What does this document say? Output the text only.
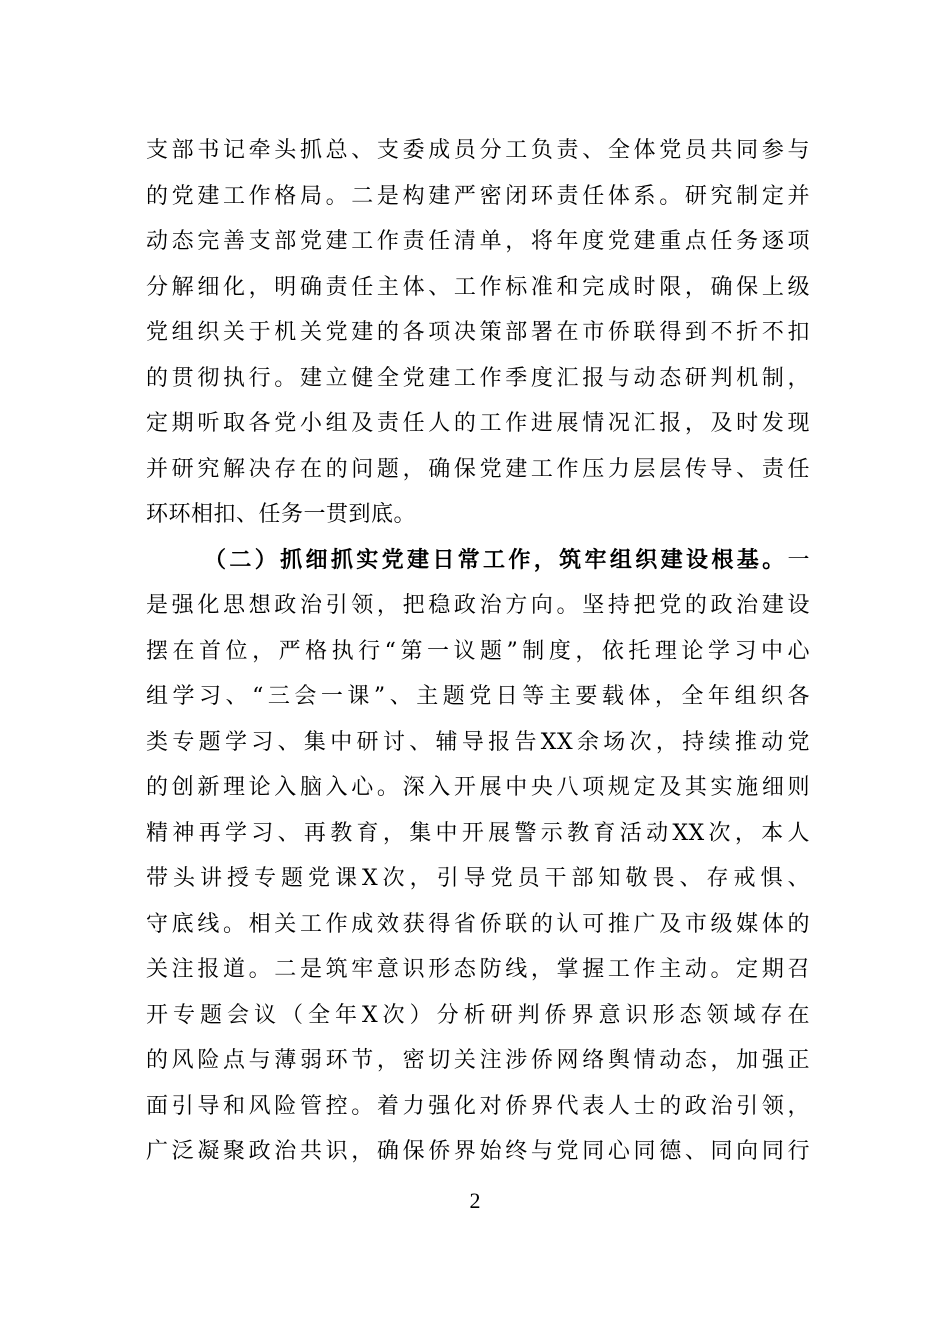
支部书记牵头抓总、支委成员分工负责、全体党员共同参与
的党建工作格局。二是构建严密闭环责任体系。研究制定并
动态完善支部党建工作责任清单，将年度党建重点任务逐项
分解细化，明确责任主体、工作标准和完成时限，确保上级
党组织关于机关党建的各项决策部署在市侨联得到不折不扣
的贯彻执行。建立健全党建工作季度汇报与动态研判机制，
定期听取各党小组及责任人的工作进展情况汇报，及时发现
并研究解决存在的问题，确保党建工作压力层层传导、责任
环环相扣、任务一贯到底。
（二）抓细抓实党建日常工作，筑牢组织建设根基。一
是强化思想政治引领，把稳政治方向。坚持把党的政治建设
摆在首位，严格执行“第一议题”制度，依托理论学习中心
组学习、“三会一课”、主题党日等主要载体，全年组织各
类专题学习、集中研讨、辅导报告XX余场次，持续推动党
的创新理论入脑入心。深入开展中央八项规定及其实施细则
精神再学习、再教育，集中开展警示教育活动XX次，本人
带头讲授专题党课X次，引导党员干部知敬畏、存戒惧、
守底线。相关工作成效获得省侨联的认可推广及市级媒体的
关注报道。二是筑牢意识形态防线，掌握工作主动。定期召
开专题会议（全年X次）分析研判侨界意识形态领域存在
的风险点与薄弱环节，密切关注涉侨网络舆情动态，加强正
面引导和风险管控。着力强化对侨界代表人士的政治引领，
广泛凝聚政治共识，确保侨界始终与党同心同德、同向同行
2
